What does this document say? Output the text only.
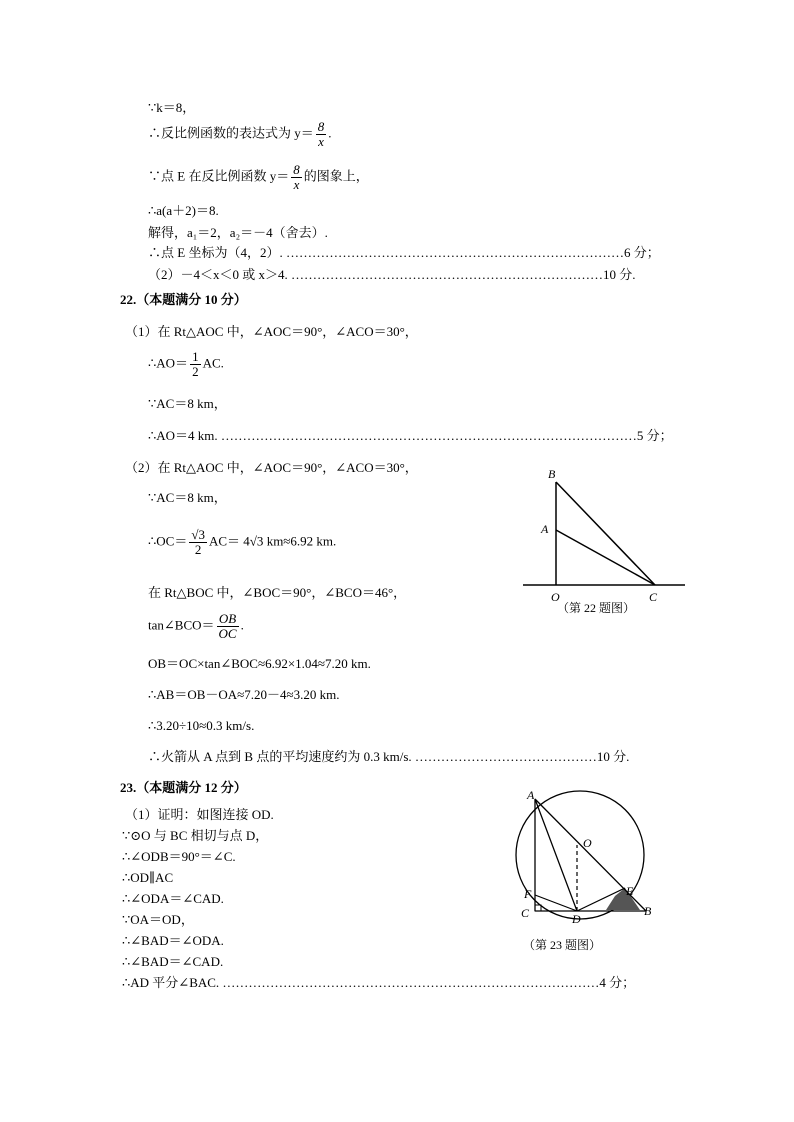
∵k＝8，
∴反比例函数的表达式为 $y= \frac{8}{x}$ .
∵点 E 在反比例函数 $y= \frac{8}{x}$ 的图象上，
∴a(a＋2)＝8.
解得，a₁＝2，a₂＝－4（舍去）.
∴点 E 坐标为（4，2）. ……………………………………………………………………6 分；
（2）－4＜x＜0 或 x＞4. ………………………………………………………………10 分.
22.（本题满分 10 分）
（1）在 Rt△AOC 中，∠AOC＝90°，∠ACO＝30°，
∴AO＝ $\frac{1}{2}$ AC.
∵AC＝8 km，
∴AO＝4 km. ……………………………………………………………………………………5 分；
（2）在 Rt△AOC 中，∠AOC＝90°，∠ACO＝30°，
∵AC＝8 km，
∴OC＝ $\frac{√3}{2} AC= 4√3$ km≈6.92 km.
在 Rt△BOC 中，∠BOC＝90°，∠BCO＝46°，
tan∠BCO＝ $\frac{OB}{OC}$ .
OB＝OC×tan∠BOC≈6.92×1.04≈7.20 km.
∴AB＝OB－OA≈7.20－4≈3.20 km.
∴3.20÷10≈0.3 km/s.
∴火箭从 A 点到 B 点的平均速度约为 0.3 km/s. ……………………………………10 分.
B
A
O	C
（第 22 题图）
23.（本题满分 12 分）
（1）证明：如图连接 OD.
∵⊙O 与 BC 相切与点 D，
∴∠ODB＝90°＝∠C.
∴OD∥AC
∴∠ODA＝∠CAD.
∵OA＝OD，
∴∠BAD＝∠ODA.
∴∠BAD＝∠CAD.
∴AD 平分∠BAC. ……………………………………………………………………………4 分；
A
O
F	E
C	D
B
（第 23 题图）
